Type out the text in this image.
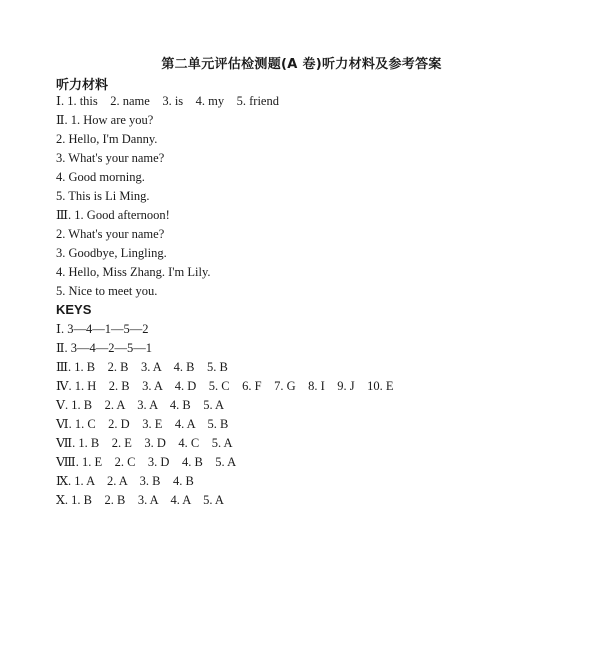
第二单元评估检测题(A 卷)听力材料及参考答案
听力材料
Ⅰ. 1. this    2. name    3. is    4. my    5. friend
Ⅱ. 1. How are you?
2. Hello, I'm Danny.
3. What's your name?
4. Good morning.
5. This is Li Ming.
Ⅲ. 1. Good afternoon!
2. What's your name?
3. Goodbye, Lingling.
4. Hello, Miss Zhang. I'm Lily.
5. Nice to meet you.
KEYS
Ⅰ. 3—4—1—5—2
Ⅱ. 3—4—2—5—1
Ⅲ. 1. B    2. B    3. A    4. B    5. B
Ⅳ. 1. H    2. B    3. A    4. D    5. C    6. F    7. G    8. I    9. J    10. E
Ⅴ. 1. B    2. A    3. A    4. B    5. A
Ⅵ. 1. C    2. D    3. E    4. A    5. B
Ⅶ. 1. B    2. E    3. D    4. C    5. A
Ⅷ. 1. E    2. C    3. D    4. B    5. A
Ⅸ. 1. A    2. A    3. B    4. B
Ⅹ. 1. B    2. B    3. A    4. A    5. A
